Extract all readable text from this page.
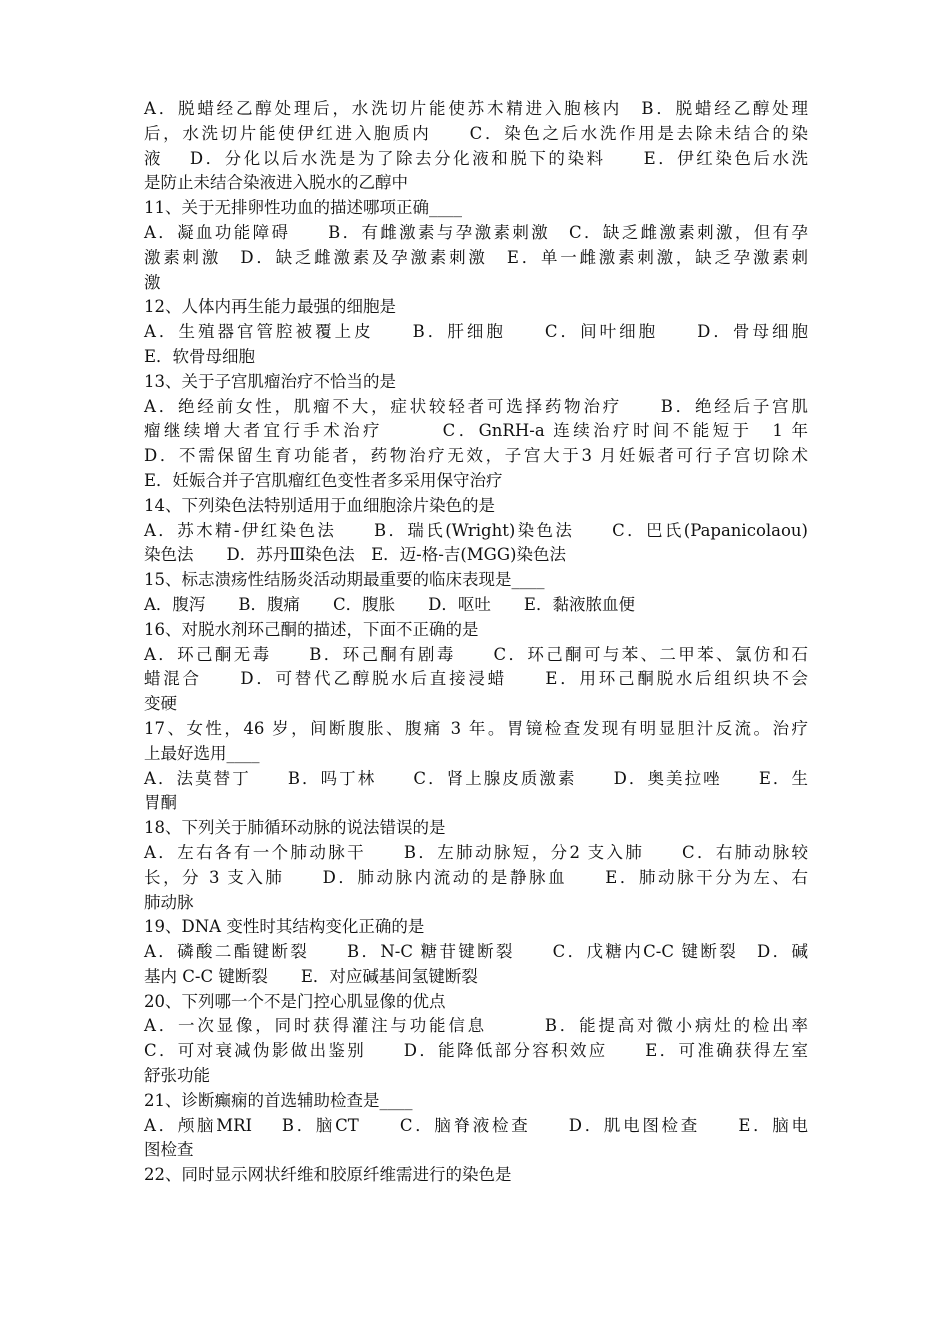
A．脱蜡经乙醇处理后，水洗切片能使苏木精进入胞核内　B．脱蜡经乙醇处理
后，水洗切片能使伊红进入胞质内　　C．染色之后水洗作用是去除未结合的染
液　 D．分化以后水洗是为了除去分化液和脱下的染料　　E．伊红染色后水洗
是防止未结合染液进入脱水的乙醇中
11、关于无排卵性功血的描述哪项正确____
A．凝血功能障碍　　B．有雌激素与孕激素刺激　C．缺乏雌激素刺激，但有孕
激素刺激　D．缺乏雌激素及孕激素刺激　E．单一雌激素刺激，缺乏孕激素刺
激
12、人体内再生能力最强的细胞是
A．生殖器官管腔被覆上皮　　B．肝细胞　　C．间叶细胞　　D．骨母细胞
E．软骨母细胞
13、关于子宫肌瘤治疗不恰当的是
A．绝经前女性，肌瘤不大，症状较轻者可选择药物治疗　　B．绝经后子宫肌
瘤继续增大者宜行手术治疗　　　C．GnRH-a 连续治疗时间不能短于　1 年
D．不需保留生育功能者，药物治疗无效，子宫大于3 月妊娠者可行子宫切除术
E．妊娠合并子宫肌瘤红色变性者多采用保守治疗
14、下列染色法特别适用于血细胞涂片染色的是
A．苏木精-伊红染色法　　B．瑞氏(Wright)染色法　　C．巴氏(Papanicolaou)
染色法　　D．苏丹Ⅲ染色法　E．迈-格-吉(MGG)染色法
15、标志溃疡性结肠炎活动期最重要的临床表现是____
A．腹泻　　B．腹痛　　C．腹胀　　D．呕吐　　E．黏液脓血便
16、对脱水剂环己酮的描述，下面不正确的是
A．环己酮无毒　　B．环己酮有剧毒　　C．环己酮可与苯、二甲苯、氯仿和石
蜡混合　　D．可替代乙醇脱水后直接浸蜡　　E．用环己酮脱水后组织块不会
变硬
17、女性，46 岁，间断腹胀、腹痛 3 年。胃镜检查发现有明显胆汁反流。治疗
上最好选用____
A．法莫替丁　　B．吗丁林　　C．肾上腺皮质激素　　D．奥美拉唑　　E．生
胃酮
18、下列关于肺循环动脉的说法错误的是
A．左右各有一个肺动脉干　　B．左肺动脉短，分2 支入肺　　C．右肺动脉较
长，分 3 支入肺　　D．肺动脉内流动的是静脉血　　E．肺动脉干分为左、右
肺动脉
19、DNA 变性时其结构变化正确的是
A．磷酸二酯键断裂　　B．N-C 糖苷键断裂　　C．戊糖内C-C 键断裂　D．碱
基内 C-C 键断裂　　E．对应碱基间氢键断裂
20、下列哪一个不是门控心肌显像的优点
A．一次显像，同时获得灌注与功能信息　　　B．能提高对微小病灶的检出率
C．可对衰减伪影做出鉴别　　D．能降低部分容积效应　　E．可准确获得左室
舒张功能
21、诊断癫痫的首选辅助检查是____
A．颅脑MRI　 B．脑CT　　C．脑脊液检查　　D．肌电图检查　　E．脑电
图检查
22、同时显示网状纤维和胶原纤维需进行的染色是
